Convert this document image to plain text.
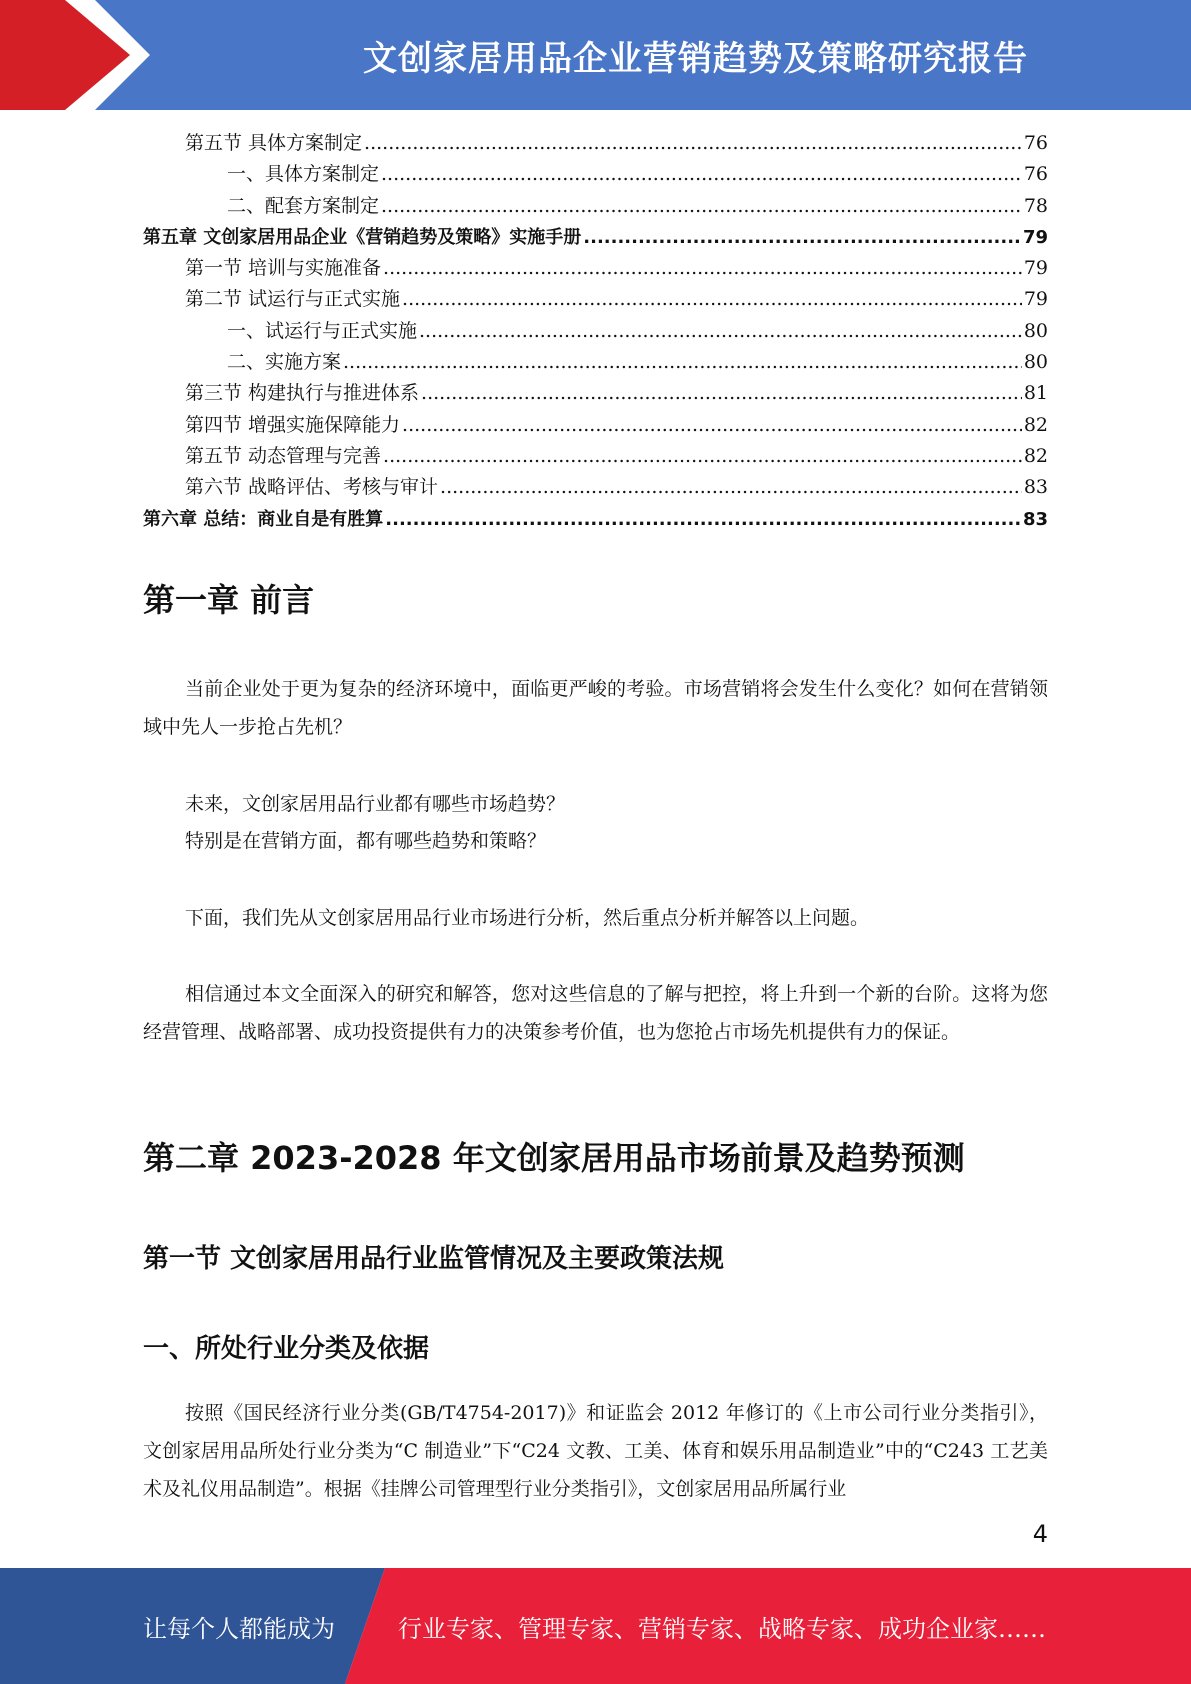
文创家居用品企业营销趋势及策略研究报告
第五节 具体方案制定 .....	76
一、具体方案制定 .....	76
二、配套方案制定 .....	78
第五章 文创家居用品企业《营销趋势及策略》实施手册 .....	79
第一节 培训与实施准备 .....	79
第二节 试运行与正式实施 .....	79
一、试运行与正式实施 .....	80
二、实施方案 .....	80
第三节 构建执行与推进体系 .....	81
第四节 增强实施保障能力 .....	82
第五节 动态管理与完善 .....	82
第六节 战略评估、考核与审计 .....	83
第六章 总结：商业自是有胜算 .....	83
第一章 前言

当前企业处于更为复杂的经济环境中，面临更严峻的考验。市场营销将会发生什么变化？如何在营销领域中先人一步抢占先机？

未来，文创家居用品行业都有哪些市场趋势？

特别是在营销方面，都有哪些趋势和策略？

下面，我们先从文创家居用品行业市场进行分析，然后重点分析并解答以上问题。

相信通过本文全面深入的研究和解答，您对这些信息的了解与把控，将上升到一个新的台阶。这将为您经营管理、战略部署、成功投资提供有力的决策参考价值，也为您抢占市场先机提供有力的保证。

第二章 2023-2028 年文创家居用品市场前景及趋势预测
第一节 文创家居用品行业监管情况及主要政策法规
一、所处行业分类及依据

按照《国民经济行业分类(GB/T4754-2017)》和证监会 2012 年修订的《上市公司行业分类指引》，文创家居用品所处行业分类为“C 制造业”下“C24 文教、工美、体育和娱乐用品制造业”中的“C243 工艺美术及礼仪用品制造”。根据《挂牌公司管理型行业分类指引》，文创家居用品所属行业

4
让每个人都能成为	行业专家、管理专家、营销专家、战略专家、成功企业家……
